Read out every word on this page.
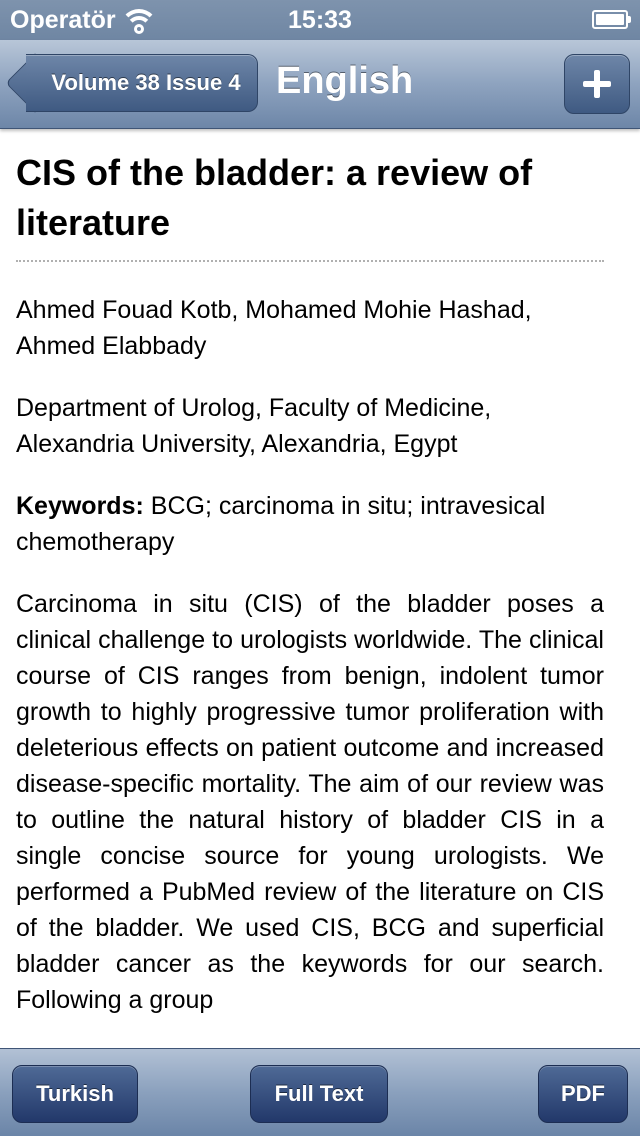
Operatör	15:33
Volume 38 Issue 4 English
CIS of the bladder: a review of literature
Ahmed Fouad Kotb, Mohamed Mohie Hashad, Ahmed Elabbady
Department of Urolog, Faculty of Medicine, Alexandria University, Alexandria, Egypt
Keywords: BCG; carcinoma in situ; intravesical chemotherapy
Carcinoma in situ (CIS) of the bladder poses a clinical challenge to urologists worldwide. The clinical course of CIS ranges from benign, indolent tumor growth to highly progressive tumor proliferation with deleterious effects on patient outcome and increased disease-specific mortality. The aim of our review was to outline the natural history of bladder CIS in a single concise source for young urologists. We performed a PubMed review of the literature on CIS of the bladder. We used CIS, BCG and superficial bladder cancer as the keywords for our search. Following a group
Turkish	Full Text	PDF
